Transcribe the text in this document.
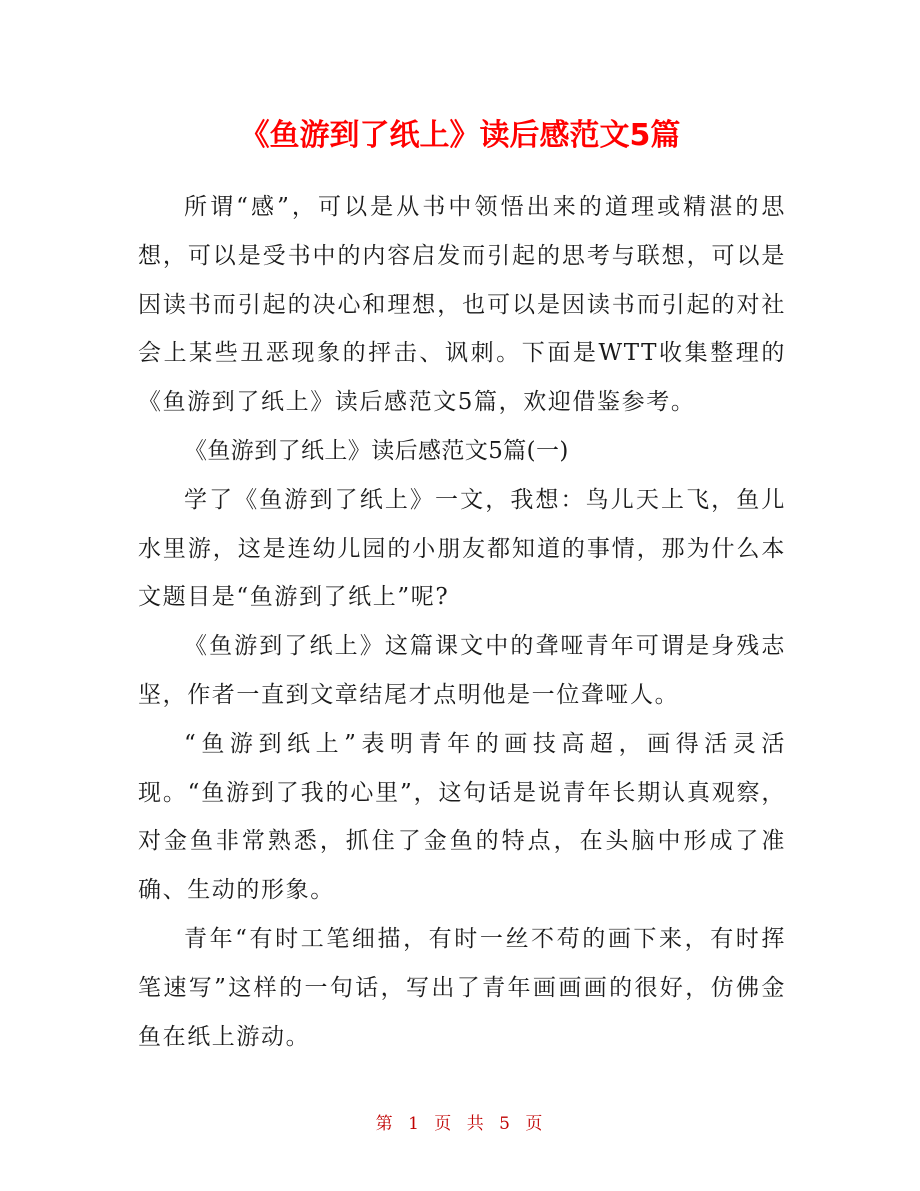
《鱼游到了纸上》读后感范文5篇

所谓“感”，可以是从书中领悟出来的道理或精湛的思想，可以是受书中的内容启发而引起的思考与联想，可以是因读书而引起的决心和理想，也可以是因读书而引起的对社会上某些丑恶现象的抨击、讽刺。下面是WTT收集整理的《鱼游到了纸上》读后感范文5篇，欢迎借鉴参考。

《鱼游到了纸上》读后感范文5篇(一)

学了《鱼游到了纸上》一文，我想：鸟儿天上飞，鱼儿水里游，这是连幼儿园的小朋友都知道的事情，那为什么本文题目是“鱼游到了纸上”呢?

《鱼游到了纸上》这篇课文中的聋哑青年可谓是身残志坚，作者一直到文章结尾才点明他是一位聋哑人。

“鱼游到纸上”表明青年的画技高超，画得活灵活现。“鱼游到了我的心里”，这句话是说青年长期认真观察，对金鱼非常熟悉，抓住了金鱼的特点，在头脑中形成了准确、生动的形象。

青年“有时工笔细描，有时一丝不苟的画下来，有时挥笔速写”这样的一句话，写出了青年画画画的很好，仿佛金鱼在纸上游动。

第 1 页 共 5 页
